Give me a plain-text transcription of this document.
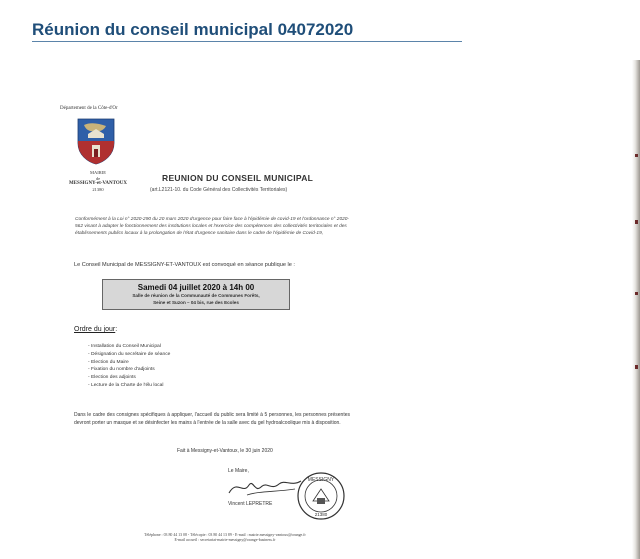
Réunion du conseil municipal 04072020
Département de la Côte-d'Or
MAIRIE
de
MESSIGNY-et-VANTOUX
21380
REUNION DU CONSEIL MUNICIPAL
(art.L2121-10. du Code Général des Collectivités Territoriales)
Conformément à la Loi n° 2020-290 du 20 mars 2020 d'urgence pour faire face à l'épidémie de covid-19 et l'ordonnance n° 2020-562 visant à adapter le fonctionnement des institutions locales et l'exercice des compétences des collectivités territoriales et des établissements publics locaux à la prolongation de l'état d'urgence sanitaire dans le cadre de l'épidémie de Covid-19,
Le Conseil Municipal de MESSIGNY-ET-VANTOUX est convoqué en séance publique le :
Samedi 04 juillet 2020 à 14h 00
Salle de réunion de la Communauté de Communes Forêts,
Seine et Suzon – 04 bis, rue des Ecoles
Ordre du jour:
- Installation du Conseil Municipal
- Désignation du secrétaire de séance
- Election du Maire
- Fixation du nombre d'adjoints
- Election des adjoints
- Lecture de la Charte de l'élu local
Dans le cadre des consignes spécifiques à appliquer, l'accueil du public sera limité à 5 personnes, les personnes présentes devront porter un masque et se désinfecter les mains à l'entrée de la salle avec du gel hydroalcoolique mis à disposition.
Fait à Messigny-et-Vantoux, le 30 juin 2020
Le Maire,
Vincent LEPRETRE
MESSIGNY
21380
Téléphone : 03 80 44 13 08 - Télécopie : 03 80 44 13 89 - E-mail : mairie.messigny-vantoux@orange.fr
E-mail accueil : secretariat-mairie-messigny@orange-business.fr
